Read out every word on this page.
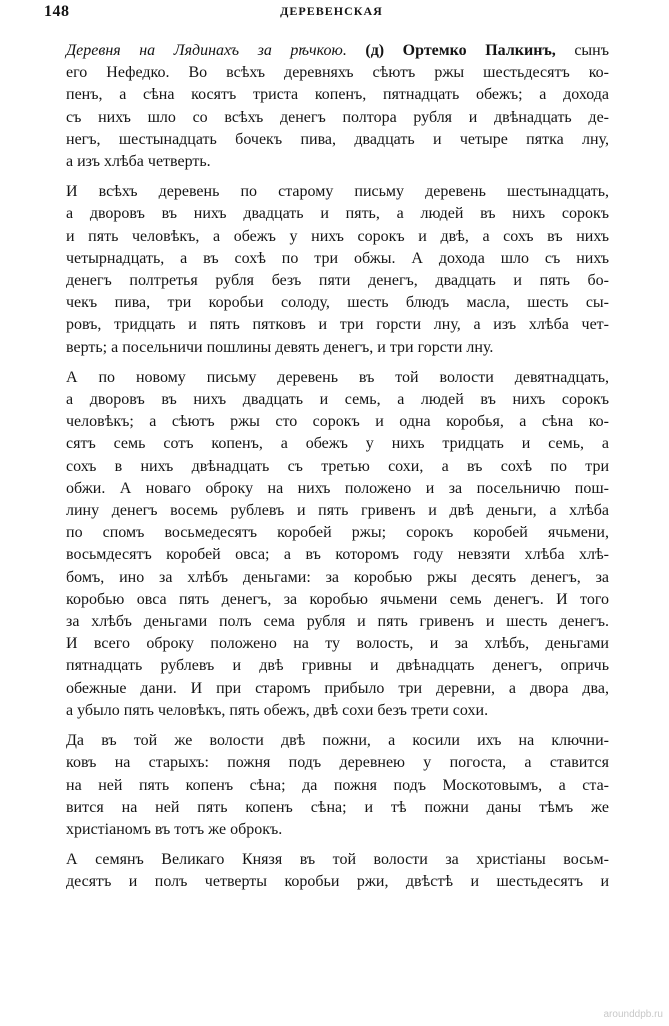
148	ДЕРЕВЕНСКАЯ

Деревня на Лядинахъ за рѣчкою. (д) Ортемко Палкинъ, сынъ
его Нефедко. Во всѣхъ деревняхъ сѣютъ ржы шестьдесятъ ко-
пенъ, а сѣна косятъ триста копенъ, пятнадцать обежъ; а дохода
съ нихъ шло со всѣхъ денегъ полтора рубля и двѣнадцать де-
негъ, шестынадцать бочекъ пива, двадцать и четыре пятка лну,
а изъ хлѣба четверть.

И всѣхъ деревень по старому письму деревень шестынадцать,
а дворовъ въ нихъ двадцать и пять, а людей въ нихъ сорокъ
и пять человѣкъ, а обежъ у нихъ сорокъ и двѣ, а сохъ въ нихъ
четырнадцать, а въ сохѣ по три обжы. А дохода шло съ нихъ
денегъ полтретья рубля безъ пяти денегъ, двадцать и пять бо-
чекъ пива, три коробьи солоду, шесть блюдъ масла, шесть сы-
ровъ, тридцать и пять пятковъ и три горсти лну, а изъ хлѣба чет-
верть; а посельничи пошлины девять денегъ, и три горсти лну.

А по новому письму деревень въ той волости девятнадцать,
а дворовъ въ нихъ двадцать и семь, а людей въ нихъ сорокъ
человѣкъ; а сѣютъ ржы сто сорокъ и одна коробья, а сѣна ко-
сятъ семь сотъ копенъ, а обежъ у нихъ тридцать и семь, а
сохъ в нихъ двѣнадцать съ третью сохи, а въ сохѣ по три
обжи. А новаго оброку на нихъ положено и за посельничю пош-
лину денегъ восемь рублевъ и пять гривенъ и двѣ деньги, а хлѣба
по спомъ восьмедесятъ коробей ржы; сорокъ коробей ячьмени,
восьмдесятъ коробей овса; а въ которомъ году невзяти хлѣба хлѣ-
бомъ, ино за хлѣбъ деньгами: за коробью ржы десять денегъ, за
коробью овса пять денегъ, за коробью ячьмени семь денегъ. И того
за хлѣбъ деньгами полъ сема рубля и пять гривенъ и шесть денегъ.
И всего оброку положено на ту волость, и за хлѣбъ, деньгами
пятнадцать рублевъ и двѣ гривны и двѣнадцать денегъ, опричь
обежные дани. И при старомъ прибыло три деревни, а двора два,
а убыло пять человѣкъ, пять обежъ, двѣ сохи безъ трети сохи.

Да въ той же волости двѣ пожни, а косили ихъ на ключни-
ковъ на старыхъ: пожня подъ деревнею у погоста, а ставится
на ней пять копенъ сѣна; да пожня подъ Москотовымъ, а ста-
вится на ней пять копенъ сѣна; и тѣ пожни даны тѣмъ же
христіаномъ въ тотъ же оброкъ.

А семянъ Великаго Князя въ той волости за христіаны восьм-
десятъ и полъ четверты коробьи ржи, двѣстѣ и шестьдесятъ и

arounddpb.ru
